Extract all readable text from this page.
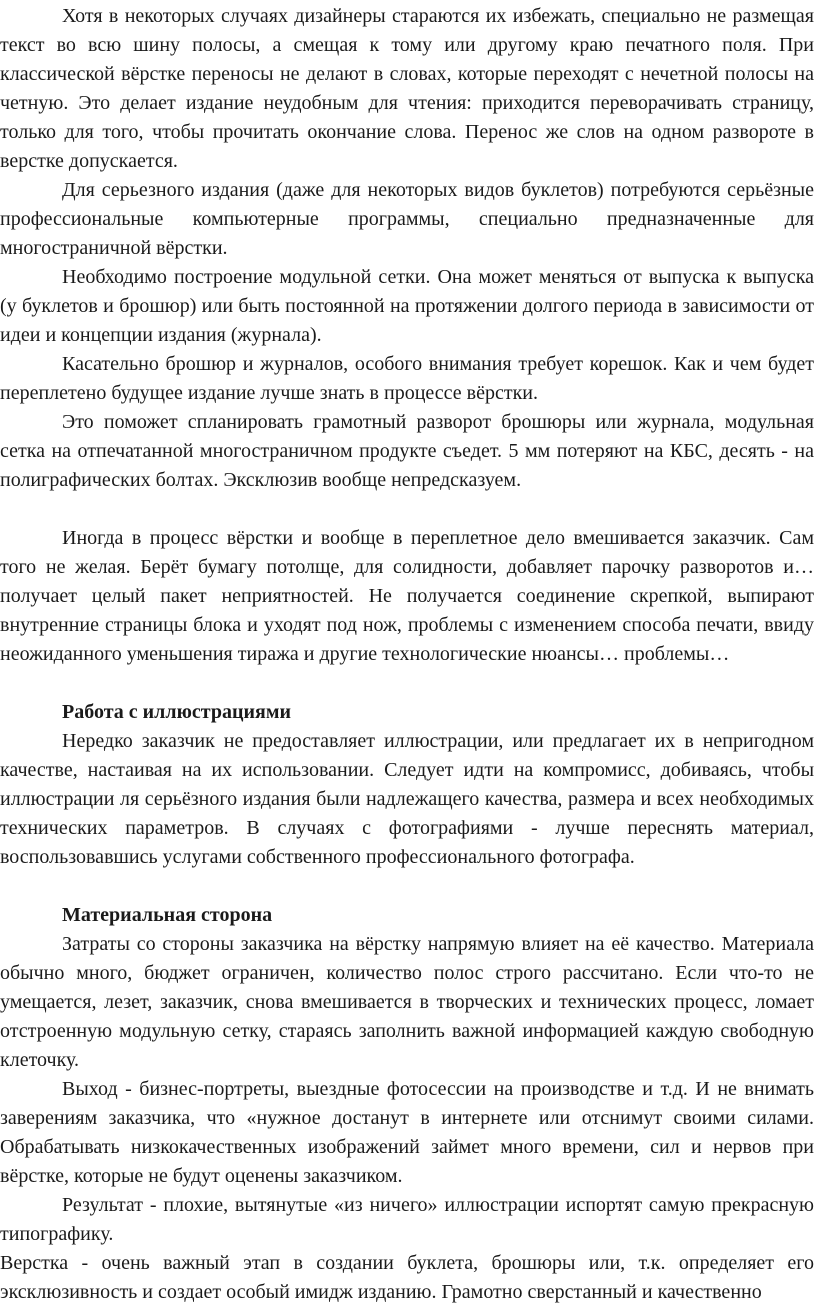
Хотя в некоторых случаях дизайнеры стараются их избежать, специально не размещая текст во всю шину полосы, а смещая к тому или другому краю печатного поля. При классической вёрстке переносы не делают в словах, которые переходят с нечетной полосы на четную. Это делает издание неудобным для чтения: приходится переворачивать страницу, только для того, чтобы прочитать окончание слова. Перенос же слов на одном развороте в верстке допускается.

Для серьезного издания (даже для некоторых видов буклетов) потребуются серьёзные профессиональные компьютерные программы, специально предназначенные для многостраничной вёрстки.

Необходимо построение модульной сетки. Она может меняться от выпуска к выпуска (у буклетов и брошюр) или быть постоянной на протяжении долгого периода в зависимости от идеи и концепции издания (журнала).

Касательно брошюр и журналов, особого внимания требует корешок. Как и чем будет переплетено будущее издание лучше знать в процессе вёрстки.

Это поможет спланировать грамотный разворот брошюры или журнала, модульная сетка на отпечатанной многостраничном продукте съедет. 5 мм потеряют на КБС, десять - на полиграфических болтах. Эксклюзив вообще непредсказуем.

Иногда в процесс вёрстки и вообще в переплетное дело вмешивается заказчик. Сам того не желая. Берёт бумагу потолще, для солидности, добавляет парочку разворотов и… получает целый пакет неприятностей. Не получается соединение скрепкой, выпирают внутренние страницы блока и уходят под нож, проблемы с изменением способа печати, ввиду неожиданного уменьшения тиража и другие технологические нюансы… проблемы…

Работа с иллюстрациями

Нередко заказчик не предоставляет иллюстрации, или предлагает их в непригодном качестве, настаивая на их использовании. Следует идти на компромисс, добиваясь, чтобы иллюстрации ля серьёзного издания были надлежащего качества, размера и всех необходимых технических параметров. В случаях с фотографиями - лучше переснять материал, воспользовавшись услугами собственного профессионального фотографа.

Материальная сторона

Затраты со стороны заказчика на вёрстку напрямую влияет на её качество. Материала обычно много, бюджет ограничен, количество полос строго рассчитано. Если что-то не умещается, лезет, заказчик, снова вмешивается в творческих и технических процесс, ломает отстроенную модульную сетку, стараясь заполнить важной информацией каждую свободную клеточку.

Выход - бизнес-портреты, выездные фотосессии на производстве и т.д. И не внимать заверениям заказчика, что «нужное достанут в интернете или отснимут своими силами. Обрабатывать низкокачественных изображений займет много времени, сил и нервов при вёрстке, которые не будут оценены заказчиком.

Результат - плохие, вытянутые «из ничего» иллюстрации испортят самую прекрасную типографику.

Верстка - очень важный этап в создании буклета, брошюры или, т.к. определяет его эксклюзивность и создает особый имидж изданию. Грамотно сверстанный и качественно
